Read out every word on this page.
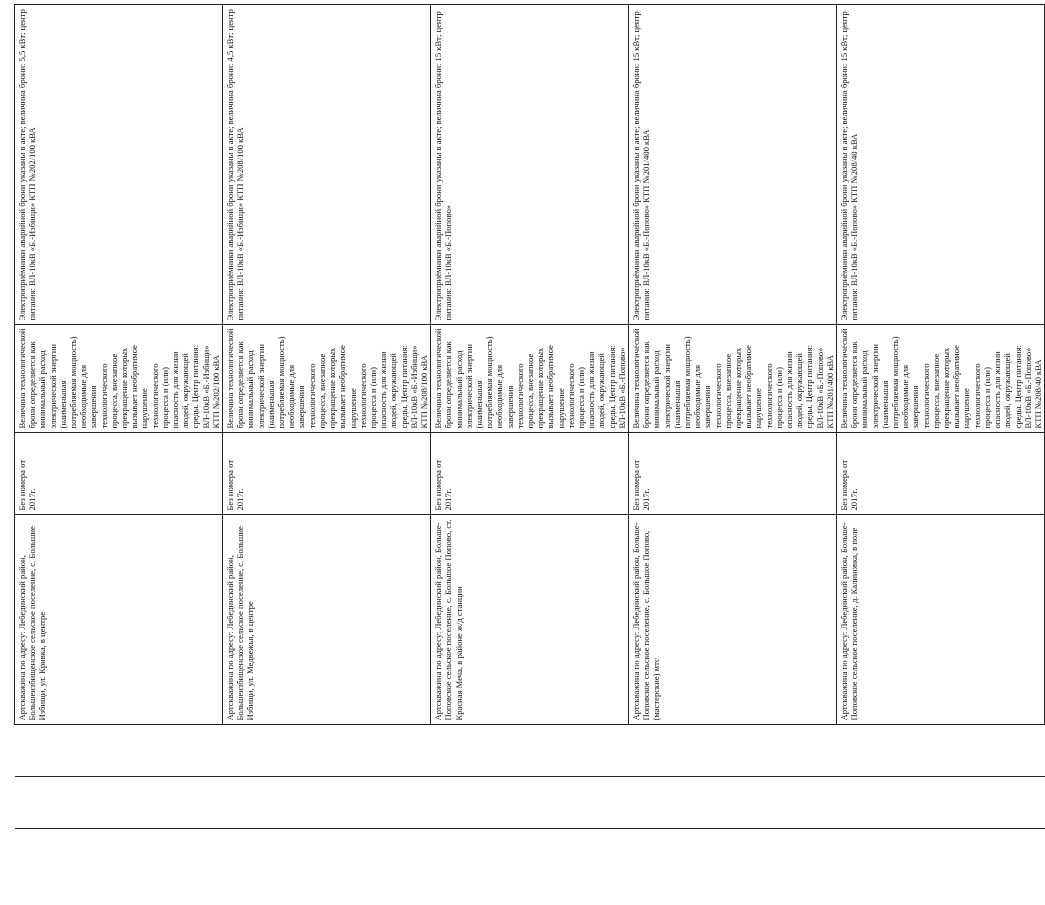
			Артскважина по адресу: Лебединский район, Большеизбищенское сельское поселение, с. Большие Избищи, ул. Кривка, в центре	Без номера от 2017г.	Величина технологической брони определяется как минимальный расход электрической энергии (наименьшая потребляемая мощность) необходимые для завершения технологического процесса, внезапное прекращение которых вызывает необратимое нарушение технологического процесса и (или) опасность для жизни людей, окружающей среды. Центр питания: ВЛ-10кВ «Б.-Избищи» КТП №202/100 кВА	Электроприёмники аварийной брони указаны в акте; величина брони: 5,5 кВт; центр питания: ВЛ-10кВ «Б.-Избищи» КТП №202/100 кВА

			Артскважина по адресу: Лебединский район, Большеизбищенское сельское поселение, с. Большие Избищи, ул. Медвежья, в центре	Без номера от 2017г.	Величина технологической брони определяется как минимальный расход электрической энергии (наименьшая потребляемая мощность) необходимые для завершения технологического процесса, внезапное прекращение которых вызывает необратимое нарушение технологического процесса и (или) опасность для жизни людей, окружающей среды. Центр питания: ВЛ-10кВ «Б.-Избищи» КТП №208/100 кВА	Электроприёмники аварийной брони указаны в акте; величина брони: 4,5 кВт; центр питания: ВЛ-10кВ «Б.-Избищи» КТП №208/100 кВА

			Артскважина по адресу: Лебединский район, Большe-Поповское сельское поселение, с. Большое Попово, ст. Красная Меча, в районе ж/д станции	Без номера от 2017г.	Величина технологической брони определяется как минимальный расход электрической энергии (наименьшая потребляемая мощность) необходимые для завершения технологического процесса, внезапное прекращение которых вызывает необратимое нарушение технологического процесса и (или) опасность для жизни людей, окружающей среды. Центр питания: ВЛ-10кВ «Б.-Попово»	Электроприёмники аварийной брони указаны в акте; величина брони: 15 кВт; центр питания: ВЛ-10кВ «Б.-Попово»

			Артскважина по адресу: Лебединский район, Больше-Поповское сельское поселение, с. Большое Попово, (мастерские) мтс	Без номера от 2017г.	Величина технологической брони определяется как минимальный расход электрической энергии (наименьшая потребляемая мощность) необходимые для завершения технологического процесса, внезапное прекращение которых вызывает необратимое нарушение технологического процесса и (или) опасность для жизни людей, окружающей среды. Центр питания: ВЛ-10кВ «Б.-Попово» КТП №201/400 кВА	Электроприёмники аварийной брони указаны в акте; величина брони: 15 кВт; центр питания: ВЛ-10кВ «Б.-Попово» КТП №201/400 кВА

			Артскважина по адресу: Лебединский район, Больше-Поповское сельское поселение, д. Калиновка, в поле	Без номера от 2017г.	Величина технологической брони определяется как минимальный расход электрической энергии (наименьшая потребляемая мощность) необходимые для завершения технологического процесса, внезапное прекращение которых вызывает необратимое нарушение технологического процесса и (или) опасность для жизни людей, окружающей среды. Центр питания: ВЛ-10кВ «Б.-Попово» КТП №208/40 кВА	Электроприёмники аварийной брони указаны в акте; величина брони: 15 кВт; центр питания: ВЛ-10кВ «Б.-Попово» КТП №208/40 кВА
